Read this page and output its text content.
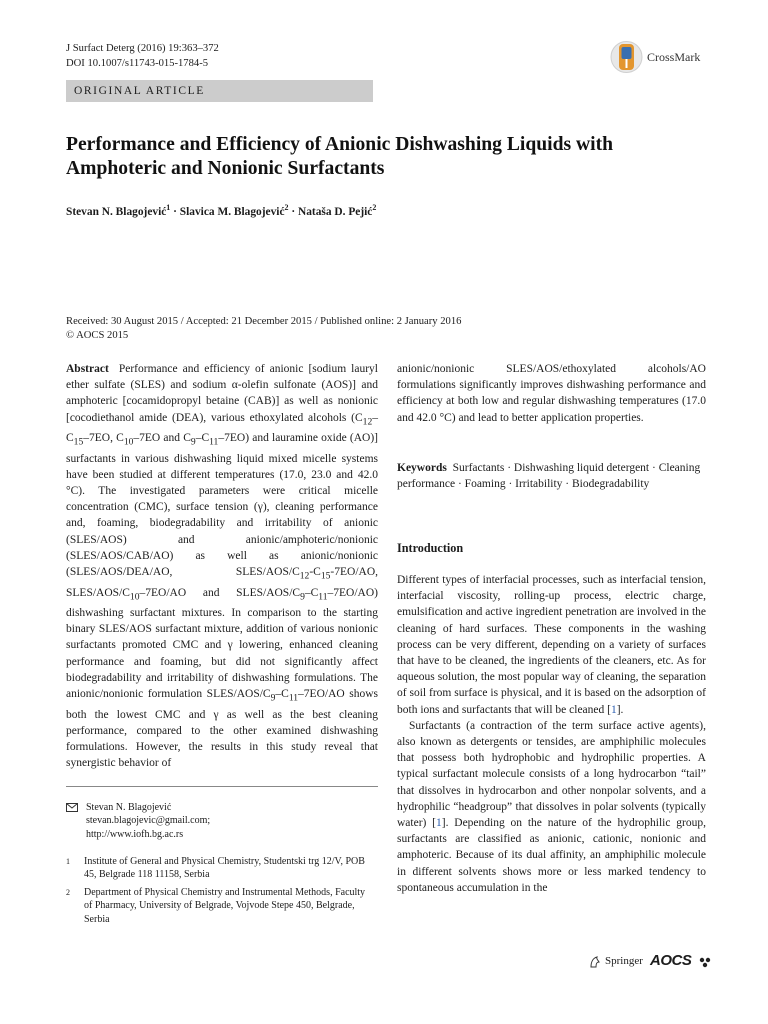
J Surfact Deterg (2016) 19:363–372
DOI 10.1007/s11743-015-1784-5	CrossMark
ORIGINAL ARTICLE
Performance and Efficiency of Anionic Dishwashing Liquids with Amphoteric and Nonionic Surfactants
Stevan N. Blagojević$^1$ · Slavica M. Blagojević$^2$ · Nataša D. Pejić$^2$
Received: 30 August 2015 / Accepted: 21 December 2015 / Published online: 2 January 2016
© AOCS 2015

Abstract Performance and efficiency of anionic [sodium lauryl ether sulfate (SLES) and sodium α-olefin sulfonate (AOS)] and amphoteric [cocamidopropyl betaine (CAB)] as well as nonionic [cocodiethanol amide (DEA), various ethoxylated alcohols ($C_{12}-C_{15}-7EO$, $C_{10}-7EO$ and $C_9-C_{11}-7EO$) and lauramine oxide (AO)] surfactants in various dishwashing liquid mixed micelle systems have been studied at different temperatures (17.0, 23.0 and 42.0 °C). The investigated parameters were critical micelle concentration (CMC), surface tension (γ), cleaning performance and, foaming, biodegradability and irritability of anionic (SLES/AOS) and anionic/amphoteric/nonionic (SLES/AOS/CAB/AO) as well as anionic/nonionic (SLES/AOS/DEA/AO, SLES/$AOS/C_{12}-C_{15}-7EO/AO$, SLES/$AOS/C_{10}-7EO/AO$ and SLES/$AOS/C_9-C_{11}-7EO/AO$) dishwashing surfactant mixtures. In comparison to the starting binary SLES/AOS surfactant mixture, addition of various nonionic surfactants promoted CMC and γ lowering, enhanced cleaning performance and foaming, but did not significantly affect biodegradability and irritability of dishwashing formulations. The anionic/nonionic formulation SLES/$AOS/C_9-C_{11}-7EO/AO$ shows both the lowest CMC and γ as well as the best cleaning performance, compared to the other examined dishwashing formulations. However, the results in this study reveal that synergistic behavior of

anionic/nonionic SLES/AOS/ethoxylated alcohols/AO formulations significantly improves dishwashing performance and efficiency at both low and regular dishwashing temperatures (17.0 and 42.0 °C) and lead to better application properties.

Keywords Surfactants · Dishwashing liquid detergent · Cleaning performance · Foaming · Irritability · Biodegradability

Introduction

Different types of interfacial processes, such as interfacial tension, interfacial viscosity, rolling-up process, electric charge, emulsification and active ingredient penetration are involved in the cleaning of hard surfaces. These components in the washing process can be very different, depending on a variety of surfaces that have to be cleaned, the ingredients of the cleaners, etc. As for aqueous solution, the most popular way of cleaning, the separation of soil from surface is physical, and it is based on the adsorption of both ions and surfactants that will be cleaned [1].

Surfactants (a contraction of the term surface active agents), also known as detergents or tensides, are amphiphilic molecules that possess both hydrophobic and hydrophilic properties. A typical surfactant molecule consists of a long hydrocarbon “tail” that dissolves in hydrocarbon and other nonpolar solvents, and a hydrophilic “headgroup” that dissolves in polar solvents (typically water) [1]. Depending on the nature of the hydrophilic group, surfactants are classified as anionic, cationic, nonionic and amphoteric. Because of its dual affinity, an amphiphilic molecule in different solvents shows more or less marked tendency to spontaneous accumulation in the

Stevan N. Blagojević
stevan.blagojevic@gmail.com;
http://www.iofh.bg.ac.rs
1 Institute of General and Physical Chemistry, Studentski trg 12/V, POB 45, Belgrade 118 11158, Serbia
2 Department of Physical Chemistry and Instrumental Methods, Faculty of Pharmacy, University of Belgrade, Vojvode Stepe 450, Belgrade, Serbia
Springer AOCS
